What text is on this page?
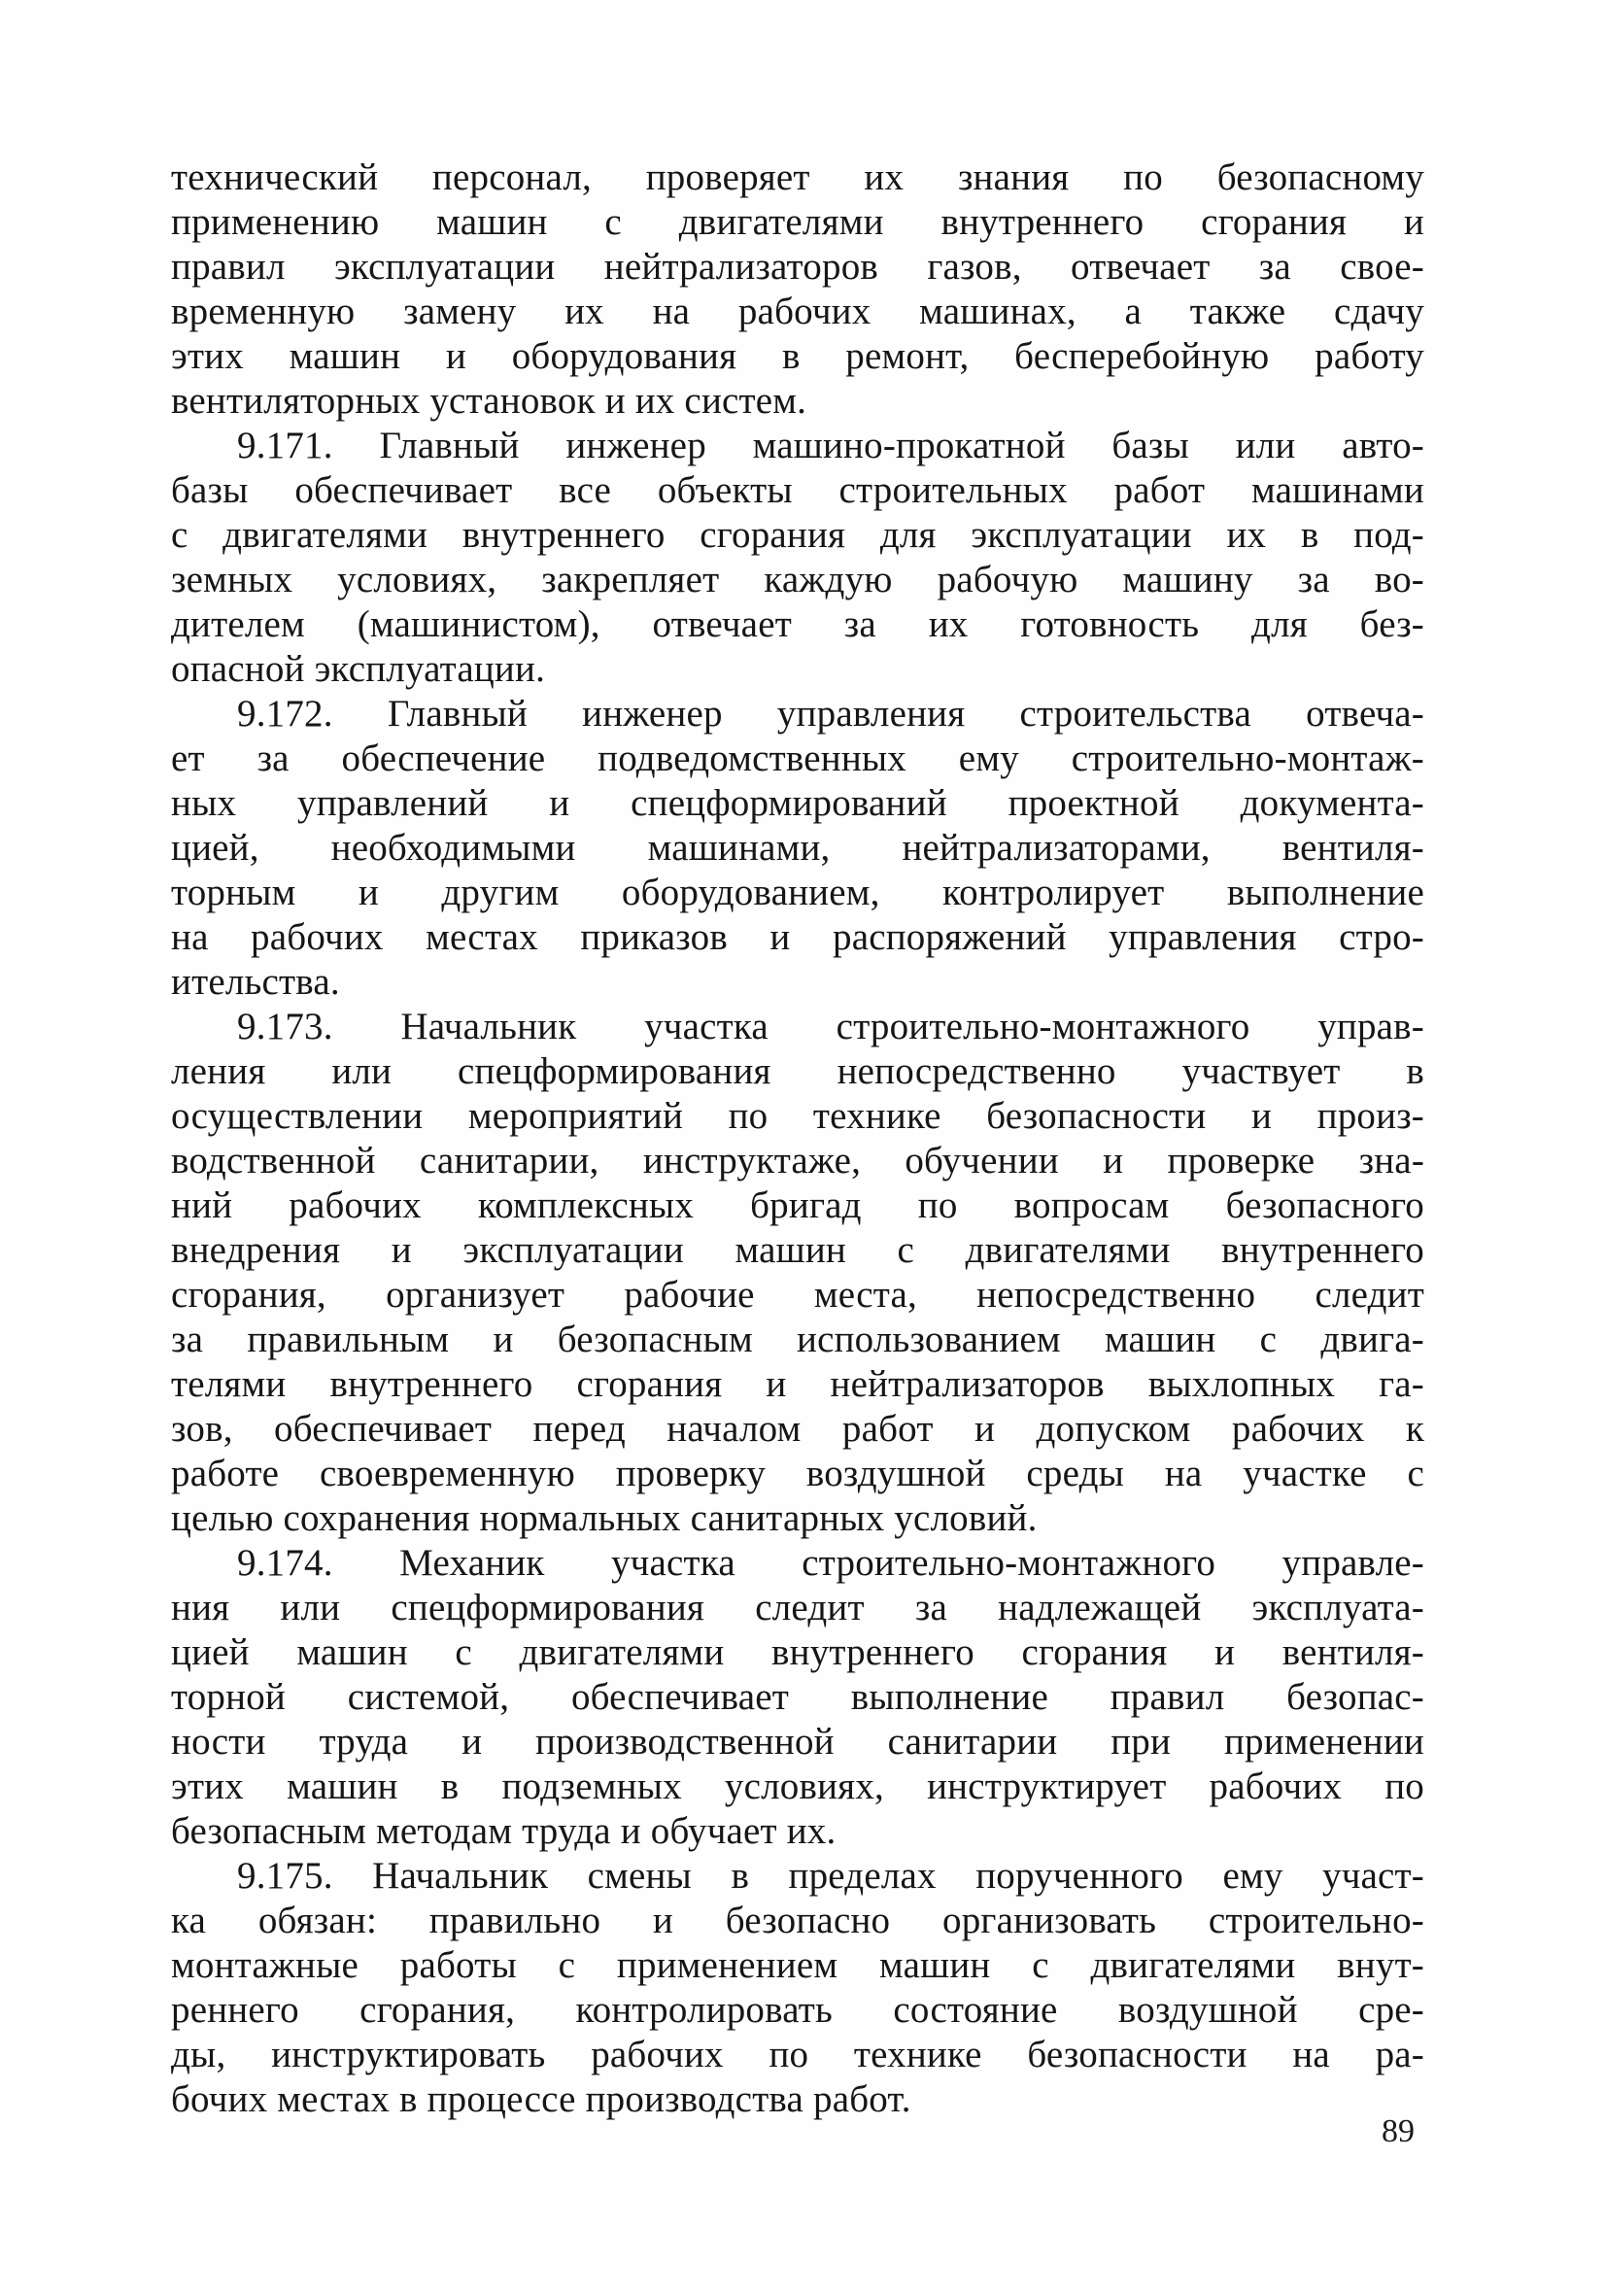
технический персонал, проверяет их знания по безопасному
применению машин с двигателями внутреннего сгорания и
правил эксплуатации нейтрализаторов газов, отвечает за свое-
временную замену их на рабочих машинах, а также сдачу
этих машин и оборудования в ремонт, бесперебойную работу
вентиляторных установок и их систем.
9.171. Главный инженер машино-прокатной базы или авто-
базы обеспечивает все объекты строительных работ машинами
с двигателями внутреннего сгорания для эксплуатации их в под-
земных условиях, закрепляет каждую рабочую машину за во-
дителем (машинистом), отвечает за их готовность для без-
опасной эксплуатации.
9.172. Главный инженер управления строительства отвеча-
ет за обеспечение подведомственных ему строительно-монтаж-
ных управлений и спецформирований проектной документа-
цией, необходимыми машинами, нейтрализаторами, вентиля-
торным и другим оборудованием, контролирует выполнение
на рабочих местах приказов и распоряжений управления стро-
ительства.
9.173. Начальник участка строительно-монтажного управ-
ления или спецформирования непосредственно участвует в
осуществлении мероприятий по технике безопасности и произ-
водственной санитарии, инструктаже, обучении и проверке зна-
ний рабочих комплексных бригад по вопросам безопасного
внедрения и эксплуатации машин с двигателями внутреннего
сгорания, организует рабочие места, непосредственно следит
за правильным и безопасным использованием машин с двига-
телями внутреннего сгорания и нейтрализаторов выхлопных га-
зов, обеспечивает перед началом работ и допуском рабочих к
работе своевременную проверку воздушной среды на участке с
целью сохранения нормальных санитарных условий.
9.174. Механик участка строительно-монтажного управле-
ния или спецформирования следит за надлежащей эксплуата-
цией машин с двигателями внутреннего сгорания и вентиля-
торной системой, обеспечивает выполнение правил безопас-
ности труда и производственной санитарии при применении
этих машин в подземных условиях, инструктирует рабочих по
безопасным методам труда и обучает их.
9.175. Начальник смены в пределах порученного ему участ-
ка обязан: правильно и безопасно организовать строительно-
монтажные работы с применением машин с двигателями внут-
реннего сгорания, контролировать состояние воздушной сре-
ды, инструктировать рабочих по технике безопасности на ра-
бочих местах в процессе производства работ.
89
